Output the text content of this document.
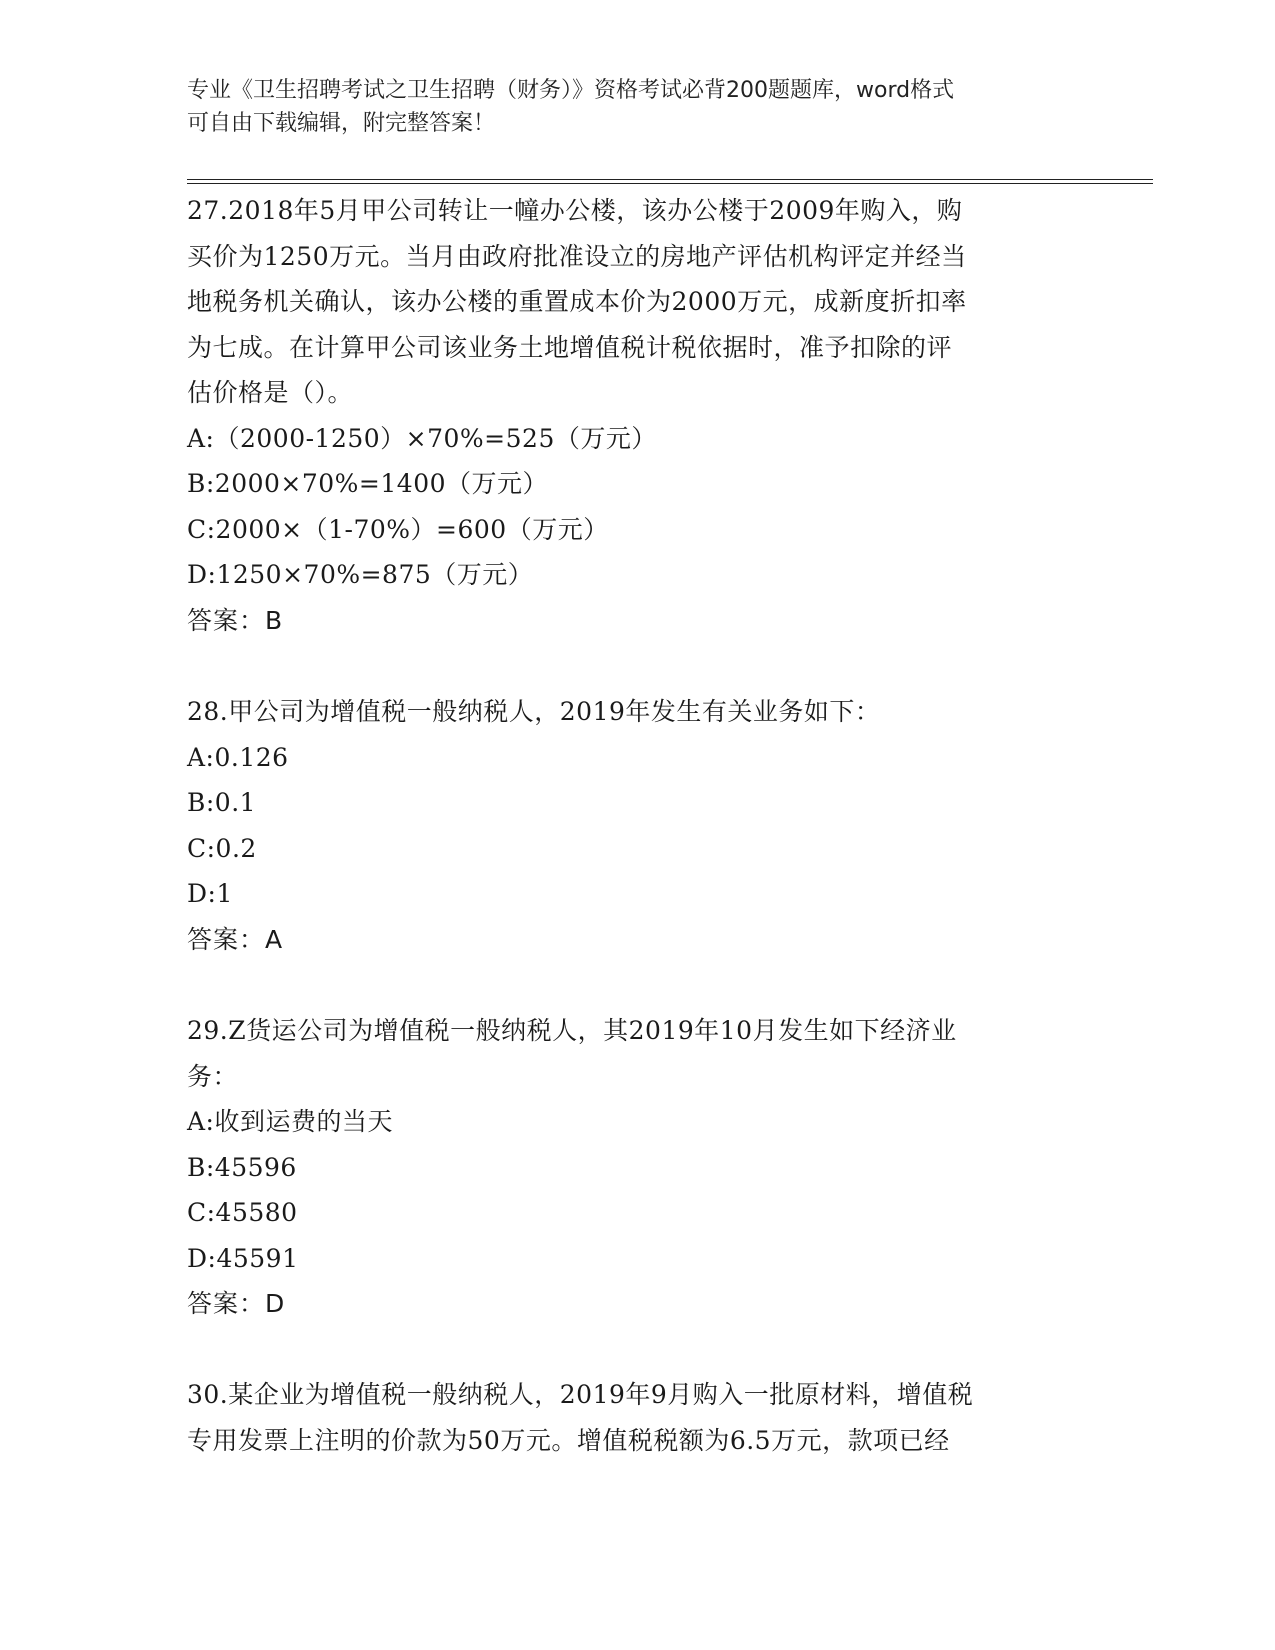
专业《卫生招聘考试之卫生招聘（财务）》资格考试必背200题题库，word格式
可自由下载编辑，附完整答案！
27.2018年5月甲公司转让一幢办公楼，该办公楼于2009年购入，购
买价为1250万元。当月由政府批准设立的房地产评估机构评定并经当
地税务机关确认，该办公楼的重置成本价为2000万元，成新度折扣率
为七成。在计算甲公司该业务土地增值税计税依据时，准予扣除的评
估价格是（）。
A:（2000-1250）×70%=525（万元）
B:2000×70%=1400（万元）
C:2000×（1-70%）=600（万元）
D:1250×70%=875（万元）
答案：B
28.甲公司为增值税一般纳税人，2019年发生有关业务如下：
A:0.126
B:0.1
C:0.2
D:1
答案：A
29.Z货运公司为增值税一般纳税人，其2019年10月发生如下经济业
务：
A:收到运费的当天
B:45596
C:45580
D:45591
答案：D
30.某企业为增值税一般纳税人，2019年9月购入一批原材料，增值税
专用发票上注明的价款为50万元。增值税税额为6.5万元，款项已经
